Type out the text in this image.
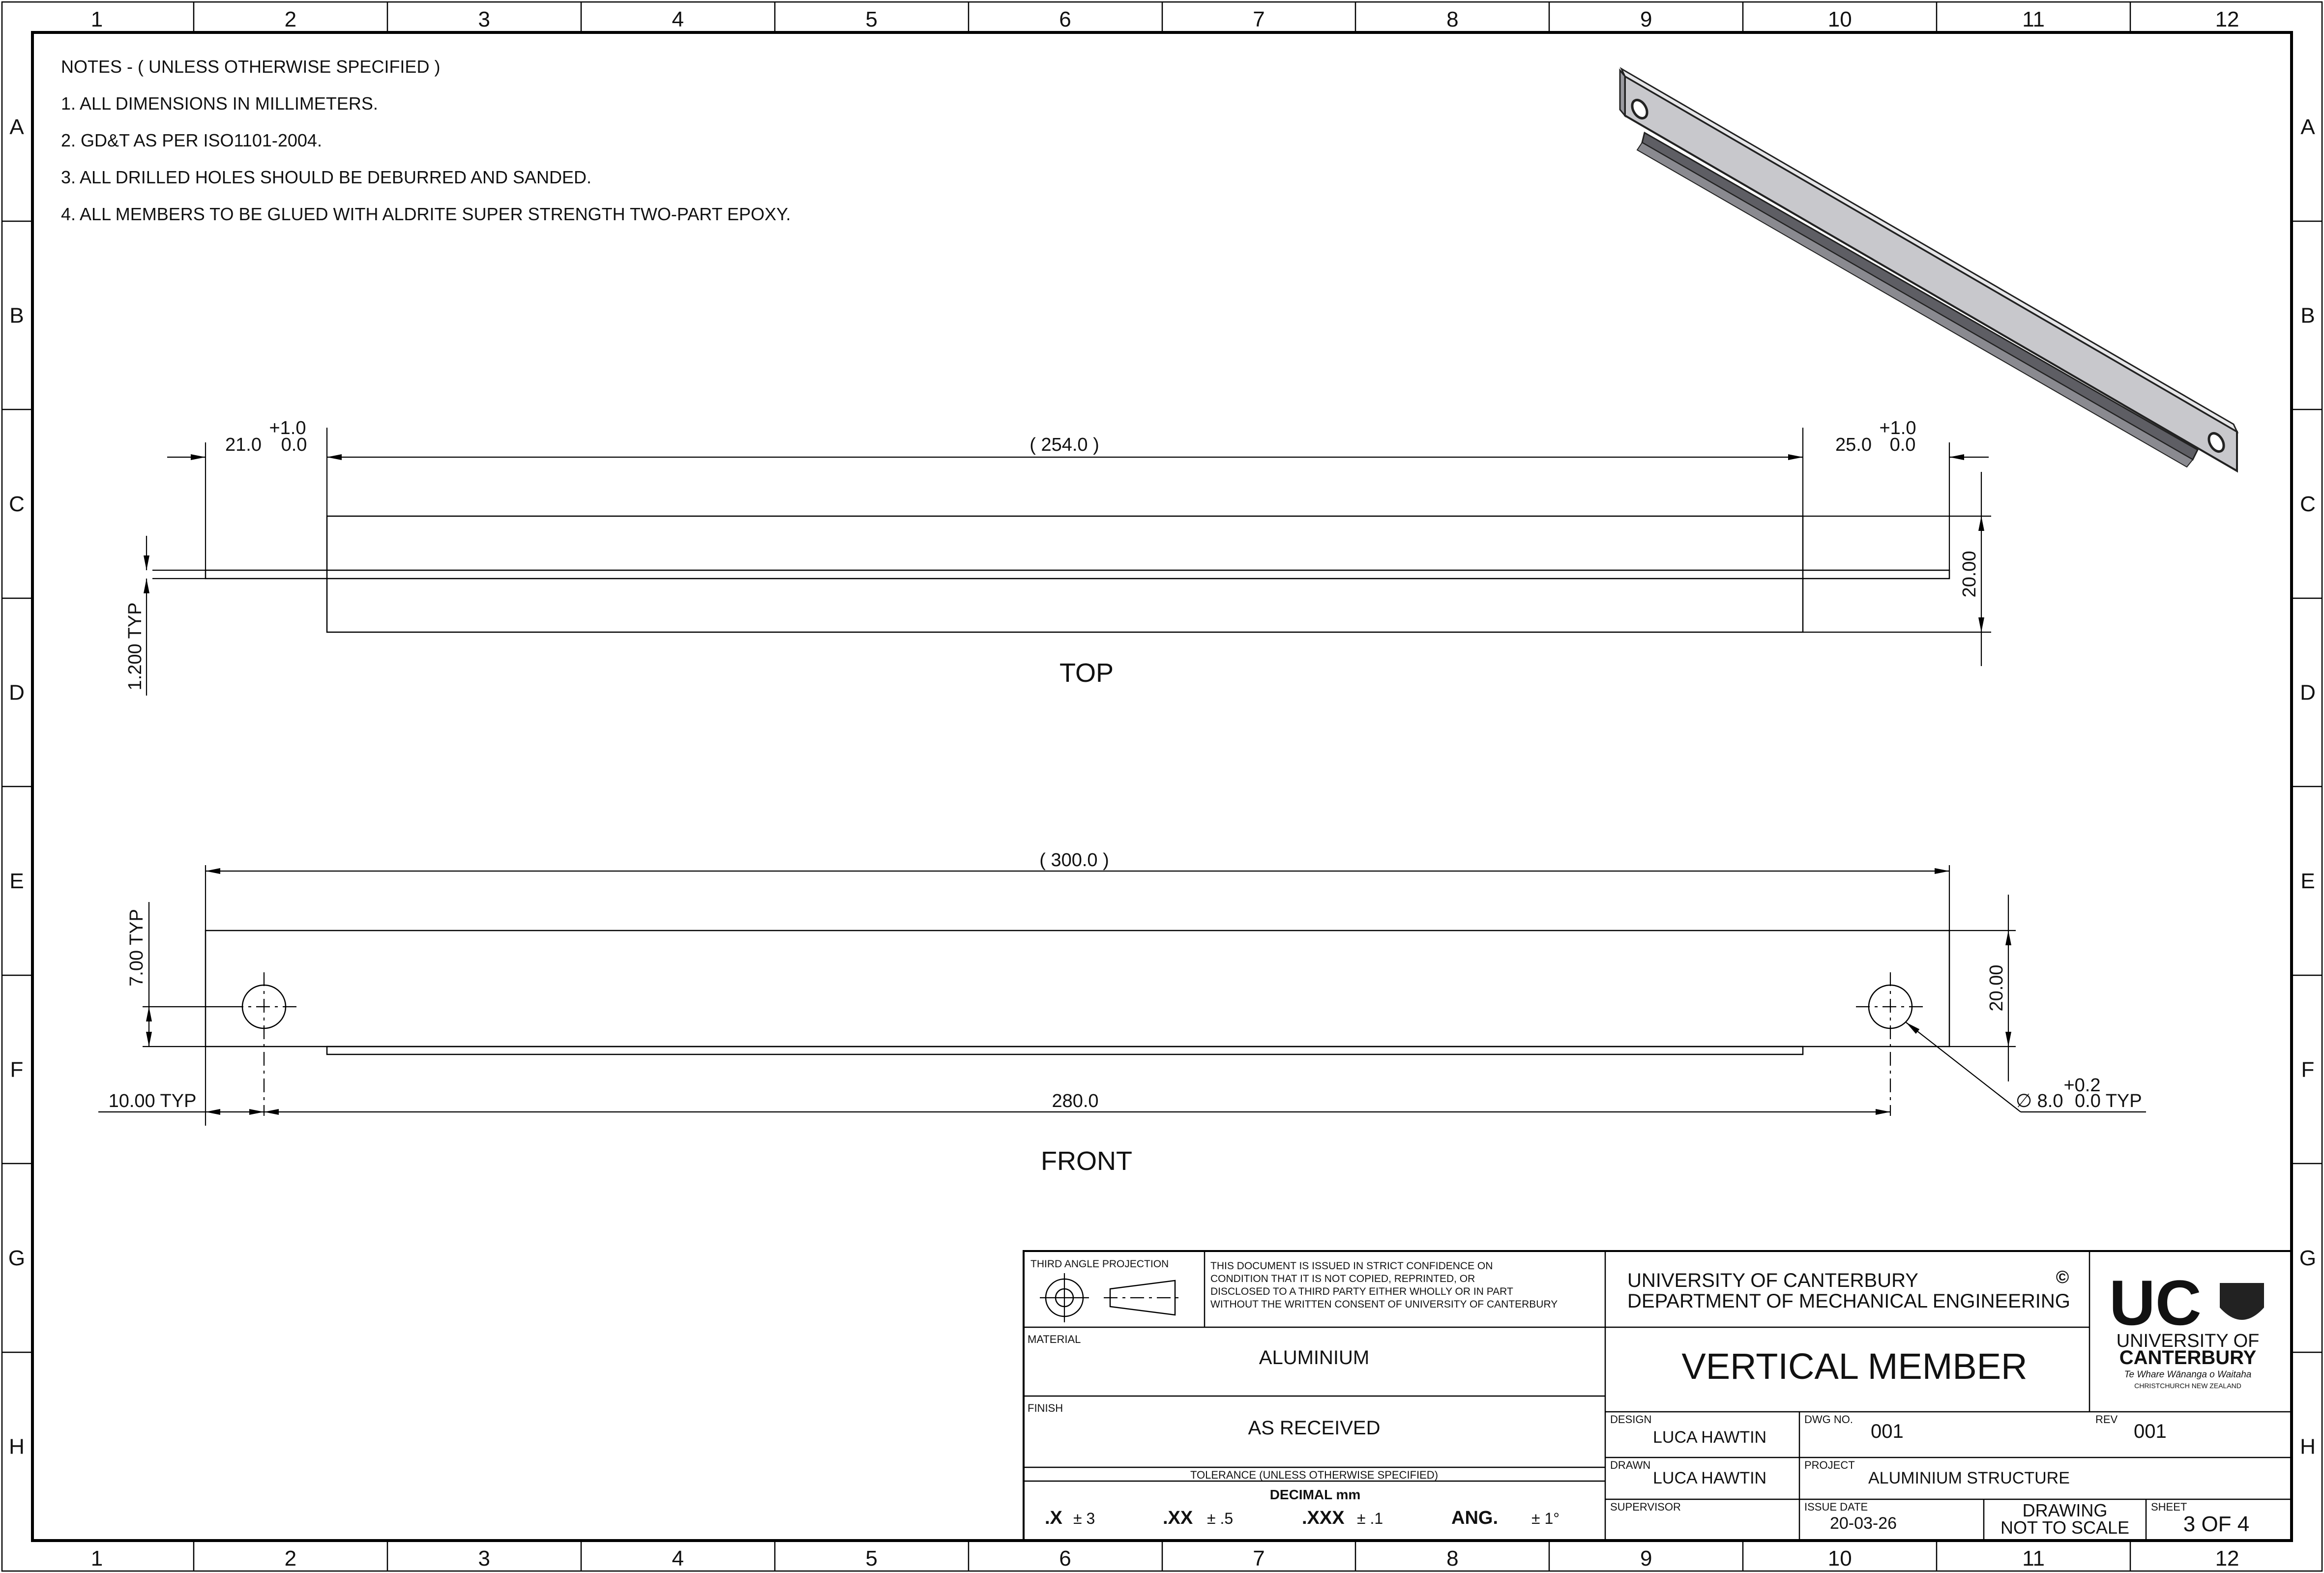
1
1
2
2
3
3
4
4
5
5
6
6
7
7
8
8
9
9
10
10
11
11
12
12
A	A
B	B
C	C
D	D
E	E
F	F
G	G
H	H
NOTES - ( UNLESS OTHERWISE SPECIFIED )
1. ALL DIMENSIONS IN MILLIMETERS.
2. GD&T AS PER ISO1101-2004.
3. ALL DRILLED HOLES SHOULD BE DEBURRED AND SANDED.
4. ALL MEMBERS TO BE GLUED WITH ALDRITE SUPER STRENGTH TWO-PART EPOXY.
21.0
+1.0
0.0	( 254.0 )	25.0
+1.0
0.0
20.00
1.200 TYP	TOP
( 300.0 )
7.00 TYP
10.00 TYP	280.0
20.00
∅ 8.0
+0.2
0.0 TYP
FRONT
THIRD ANGLE PROJECTION	THIS DOCUMENT IS ISSUED IN STRICT CONFIDENCE ON
CONDITION THAT IT IS NOT COPIED, REPRINTED, OR
DISCLOSED TO A THIRD PARTY EITHER WHOLLY OR IN PART
WITHOUT THE WRITTEN CONSENT OF UNIVERSITY OF CANTERBURY
UNIVERSITY OF CANTERBURY
DEPARTMENT OF MECHANICAL ENGINEERING
© UC
UNIVERSITY OF
CANTERBURY
Te Whare Wānanga o Waitaha
CHRISTCHURCH NEW ZEALAND
MATERIAL
ALUMINIUM
FINISH
AS RECEIVED
TOLERANCE (UNLESS OTHERWISE SPECIFIED)
DECIMAL mm
.X ± 3	.XX ± .5	.XXX ± .1	ANG. ± 1°
VERTICAL MEMBER
DESIGN
LUCA HAWTIN
DWG NO.
001
REV
001
DRAWN
LUCA HAWTIN
PROJECT
ALUMINIUM STRUCTURE
SUPERVISOR	ISSUE DATE
20-03-26
DRAWING
NOT TO SCALE
SHEET
3 OF 4
